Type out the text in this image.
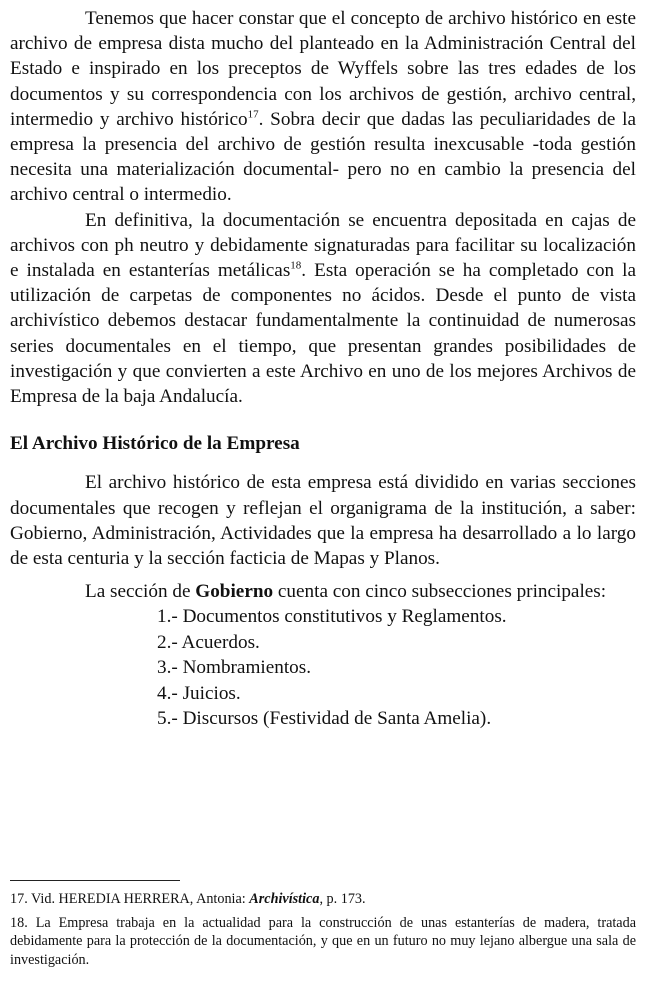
Tenemos que hacer constar que el concepto de archivo histórico en este archivo de empresa dista mucho del planteado en la Administración Central del Estado e inspirado en los preceptos de Wyffels sobre las tres edades de los documentos y su correspondencia con los archivos de gestión, archivo central, intermedio y archivo histórico$^{17}$. Sobra decir que dadas las peculiaridades de la empresa la presencia del archivo de gestión resulta inexcusable -toda gestión necesita una materialización documental- pero no en cambio la presencia del archivo central o intermedio.

En definitiva, la documentación se encuentra depositada en cajas de archivos con ph neutro y debidamente signaturadas para facilitar su localización e instalada en estanterías metálicas$^{18}$. Esta operación se ha completado con la utilización de carpetas de componentes no ácidos. Desde el punto de vista archivístico debemos destacar fundamentalmente la continuidad de numerosas series documentales en el tiempo, que presentan grandes posibilidades de investigación y que convierten a este Archivo en uno de los mejores Archivos de Empresa de la baja Andalucía.

El Archivo Histórico de la Empresa

El archivo histórico de esta empresa está dividido en varias secciones documentales que recogen y reflejan el organigrama de la institución, a saber: Gobierno, Administración, Actividades que la empresa ha desarrollado a lo largo de esta centuria y la sección facticia de Mapas y Planos.

La sección de Gobierno cuenta con cinco subsecciones principales:

1.- Documentos constitutivos y Reglamentos.
2.- Acuerdos.
3.- Nombramientos.
4.- Juicios.
5.- Discursos (Festividad de Santa Amelia).

17. Vid. HEREDIA HERRERA, Antonia: Archivística, p. 173.

18. La Empresa trabaja en la actualidad para la construcción de unas estanterías de madera, tratada debidamente para la protección de la documentación, y que en un futuro no muy lejano albergue una sala de investigación.
